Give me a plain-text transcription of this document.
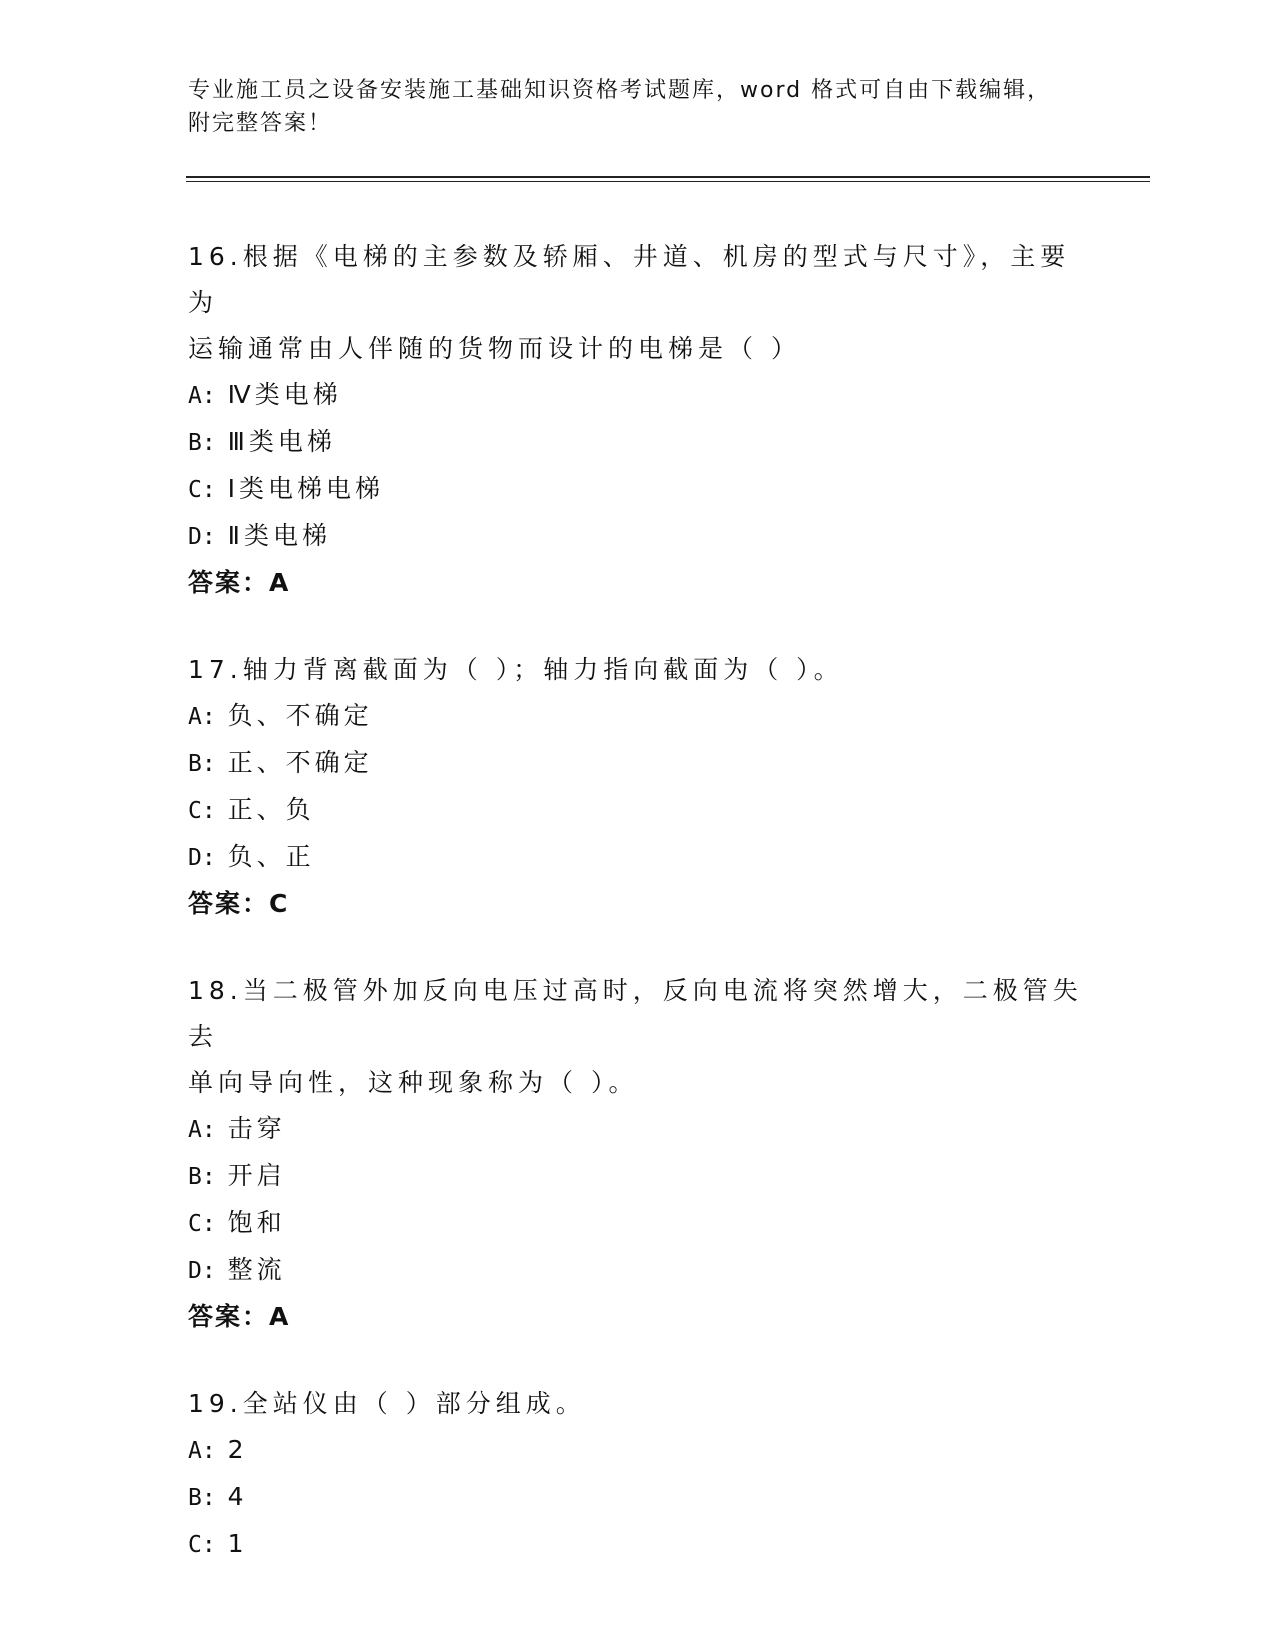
专业施工员之设备安装施工基础知识资格考试题库，word 格式可自由下载编辑，
附完整答案！

16.根据《电梯的主参数及轿厢、井道、机房的型式与尺寸》，主要为
运输通常由人伴随的货物而设计的电梯是（ ）

A: Ⅳ类电梯

B: Ⅲ类电梯

C: Ⅰ类电梯电梯

D: Ⅱ类电梯

答案：A

17.轴力背离截面为（ ）；轴力指向截面为（ ）。

A: 负、不确定

B: 正、不确定

C: 正、负

D: 负、正

答案：C

18.当二极管外加反向电压过高时，反向电流将突然增大，二极管失去
单向导向性，这种现象称为（ ）。

A: 击穿

B: 开启

C: 饱和

D: 整流

答案：A

19.全站仪由（ ）部分组成。

A: 2

B: 4

C: 1
